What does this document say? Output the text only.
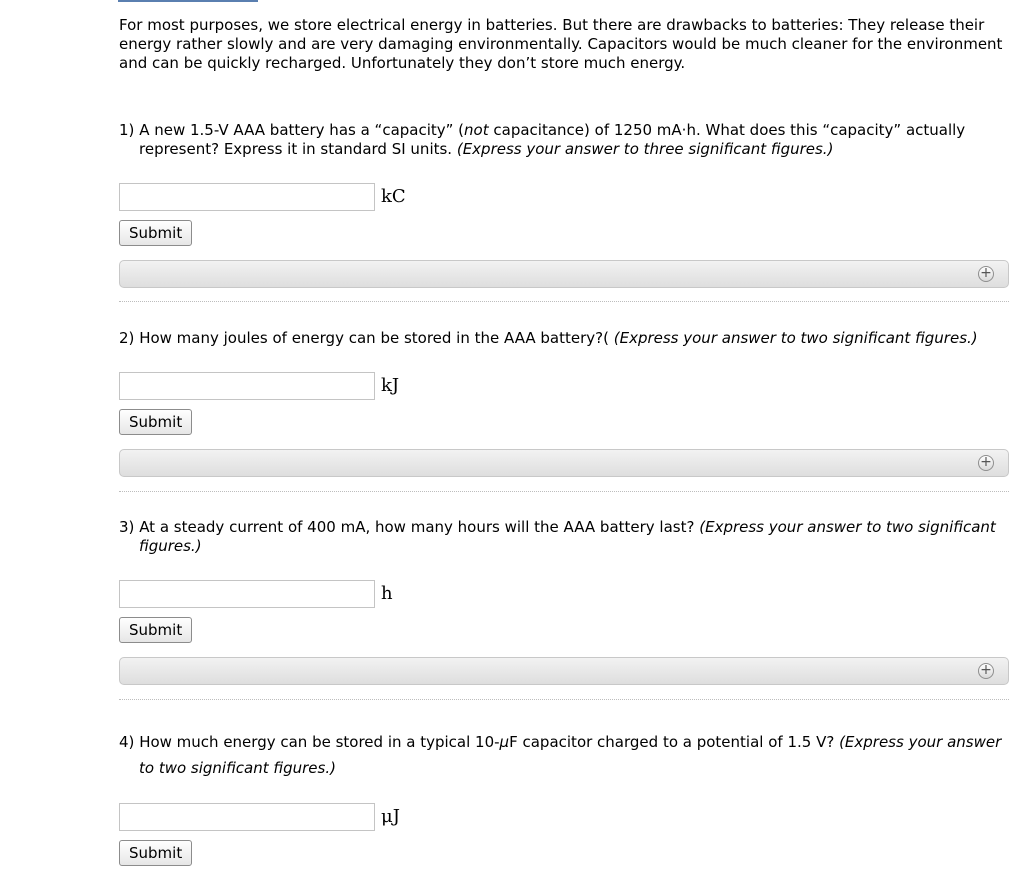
For most purposes, we store electrical energy in batteries. But there are drawbacks to batteries: They release their energy rather slowly and are very damaging environmentally. Capacitors would be much cleaner for the environment and can be quickly recharged. Unfortunately they don’t store much energy.
1) A new 1.5-V AAA battery has a “capacity” (not capacitance) of 1250 mA·h. What does this “capacity” actually represent? Express it in standard SI units. (Express your answer to three significant figures.)
kC
Submit
+
2) How many joules of energy can be stored in the AAA battery?( (Express your answer to two significant figures.)
kJ
Submit
+
3) At a steady current of 400 mA, how many hours will the AAA battery last? (Express your answer to two significant figures.)
h
Submit
+
4) How much energy can be stored in a typical 10-μF capacitor charged to a potential of 1.5 V? (Express your answer to two significant figures.)
μJ
Submit
